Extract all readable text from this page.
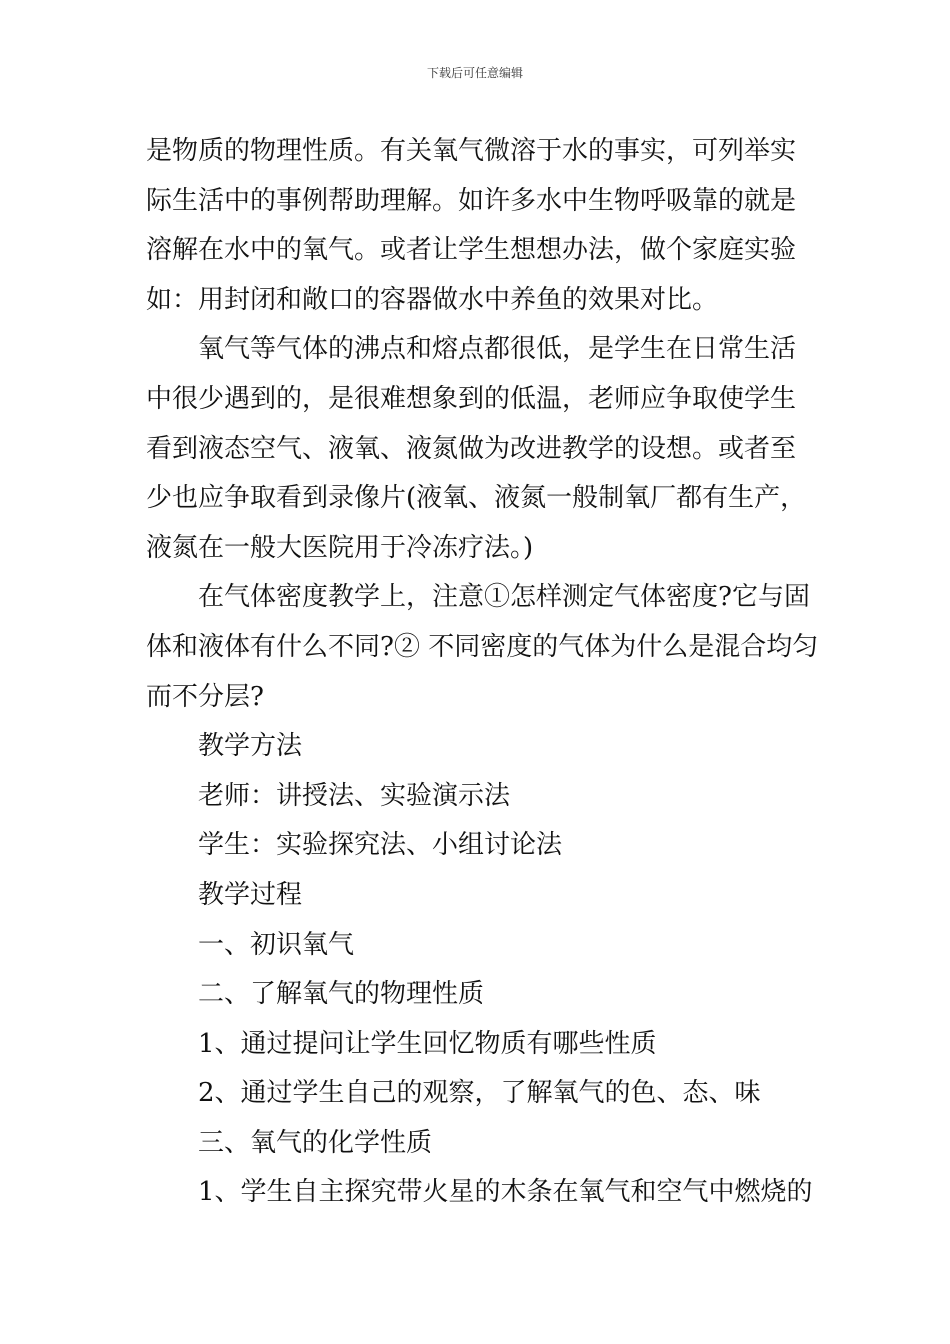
下载后可任意编辑
是物质的物理性质。有关氧气微溶于水的事实，可列举实
际生活中的事例帮助理解。如许多水中生物呼吸靠的就是
溶解在水中的氧气。或者让学生想想办法，做个家庭实验
如：用封闭和敞口的容器做水中养鱼的效果对比。
氧气等气体的沸点和熔点都很低，是学生在日常生活
中很少遇到的，是很难想象到的低温，老师应争取使学生
看到液态空气、液氧、液氮做为改进教学的设想。或者至
少也应争取看到录像片(液氧、液氮一般制氧厂都有生产，
液氮在一般大医院用于冷冻疗法。)
在气体密度教学上，注意①怎样测定气体密度?它与固
体和液体有什么不同?② 不同密度的气体为什么是混合均匀
而不分层?
教学方法
老师：讲授法、实验演示法
学生：实验探究法、小组讨论法
教学过程
一、初识氧气
二、了解氧气的物理性质
1、通过提问让学生回忆物质有哪些性质
2、通过学生自己的观察，了解氧气的色、态、味
三、氧气的化学性质
1、学生自主探究带火星的木条在氧气和空气中燃烧的
